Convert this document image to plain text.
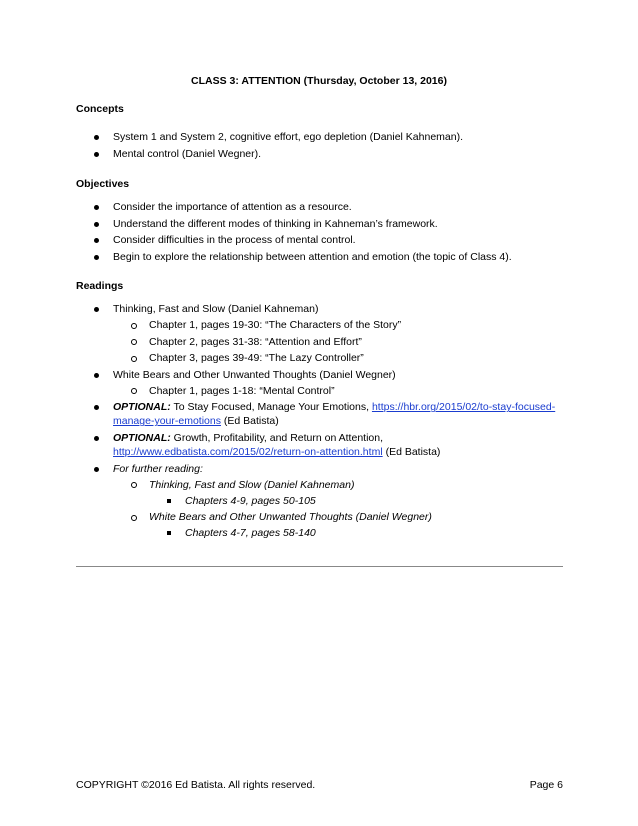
CLASS 3: ATTENTION (Thursday, October 13, 2016)
Concepts
System 1 and System 2, cognitive effort, ego depletion (Daniel Kahneman).
Mental control (Daniel Wegner).
Objectives
Consider the importance of attention as a resource.
Understand the different modes of thinking in Kahneman’s framework.
Consider difficulties in the process of mental control.
Begin to explore the relationship between attention and emotion (the topic of Class 4).
Readings
Thinking, Fast and Slow (Daniel Kahneman)
Chapter 1, pages 19-30: “The Characters of the Story”
Chapter 2, pages 31-38: “Attention and Effort”
Chapter 3, pages 39-49: “The Lazy Controller”
White Bears and Other Unwanted Thoughts (Daniel Wegner)
Chapter 1, pages 1-18: “Mental Control”
OPTIONAL: To Stay Focused, Manage Your Emotions, https://hbr.org/2015/02/to-stay-focused-
manage-your-emotions (Ed Batista)
OPTIONAL: Growth, Profitability, and Return on Attention,
http://www.edbatista.com/2015/02/return-on-attention.html (Ed Batista)
For further reading:
Thinking, Fast and Slow (Daniel Kahneman)
Chapters 4-9, pages 50-105
White Bears and Other Unwanted Thoughts (Daniel Wegner)
Chapters 4-7, pages 58-140
COPYRIGHT ©2016 Ed Batista. All rights reserved.	Page 6
